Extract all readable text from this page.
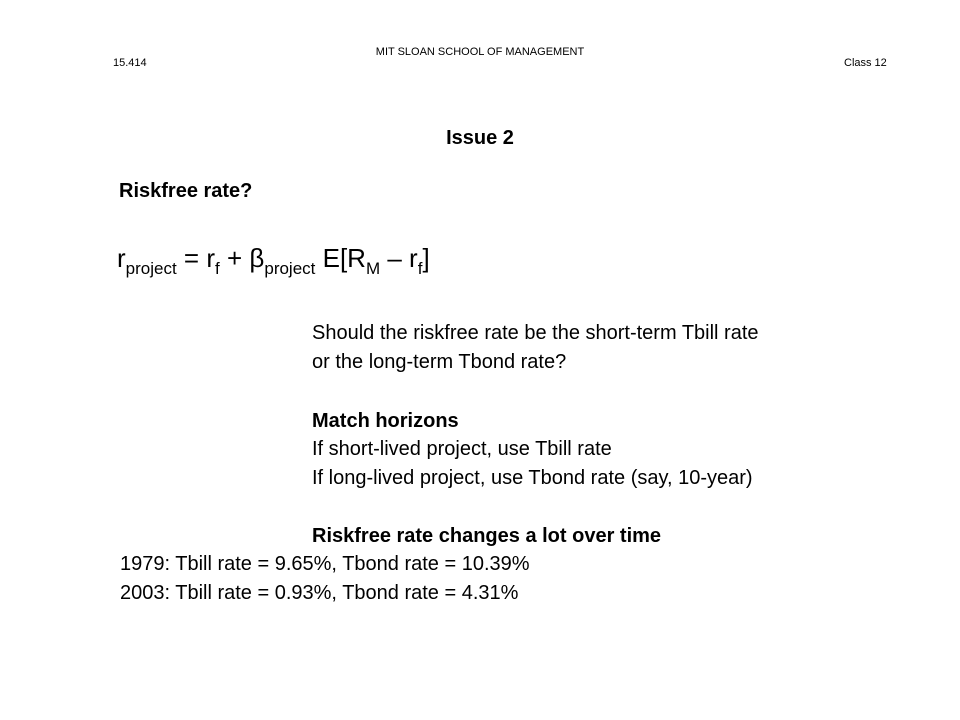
MIT SLOAN SCHOOL OF MANAGEMENT
15.414	Class 12
Issue 2
Riskfree rate?
$r_{project} = r_f + \beta_{project}$ $E[R_M - r_f]$
Should the riskfree rate be the short-term Tbill rate
or the long-term Tbond rate?
Match horizons
If short-lived project, use Tbill rate
If long-lived project, use Tbond rate (say, 10-year)
Riskfree rate changes a lot over time
1979: Tbill rate = 9.65%, Tbond rate = 10.39%
2003: Tbill rate = 0.93%, Tbond rate = 4.31%
